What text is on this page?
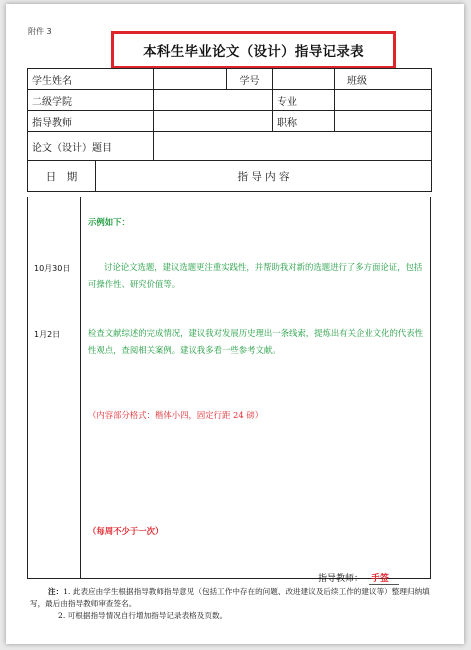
附件 3
本科生毕业论文（设计）指导记录表
学生姓名			学号		班级
二级学院				专业	
指导教师				职称	
论文（设计）题目					
日　期	指 导 内 容				
示例如下：
10月30日	讨论论文选题，建议选题更注重实践性，并帮助我对新的选题进行了多方面论证，包括可操作性、研究价值等。
1月2日	检查文献综述的完成情况，建议我对发展历史理出一条线索，提炼出有关企业文化的代表性性观点，查阅相关案例。建议我多看一些参考文献。
（内容部分格式：楷体小四，固定行距 24 磅）
（每周不少于一次）
指导教师： 手签
注：1. 此表应由学生根据指导教师指导意见（包括工作中存在的问题、改进建议及后续工作的建议等）整理归纳填写，最后由指导教师审查签名。
2. 可根据指导情况自行增加指导记录表格及页数。
